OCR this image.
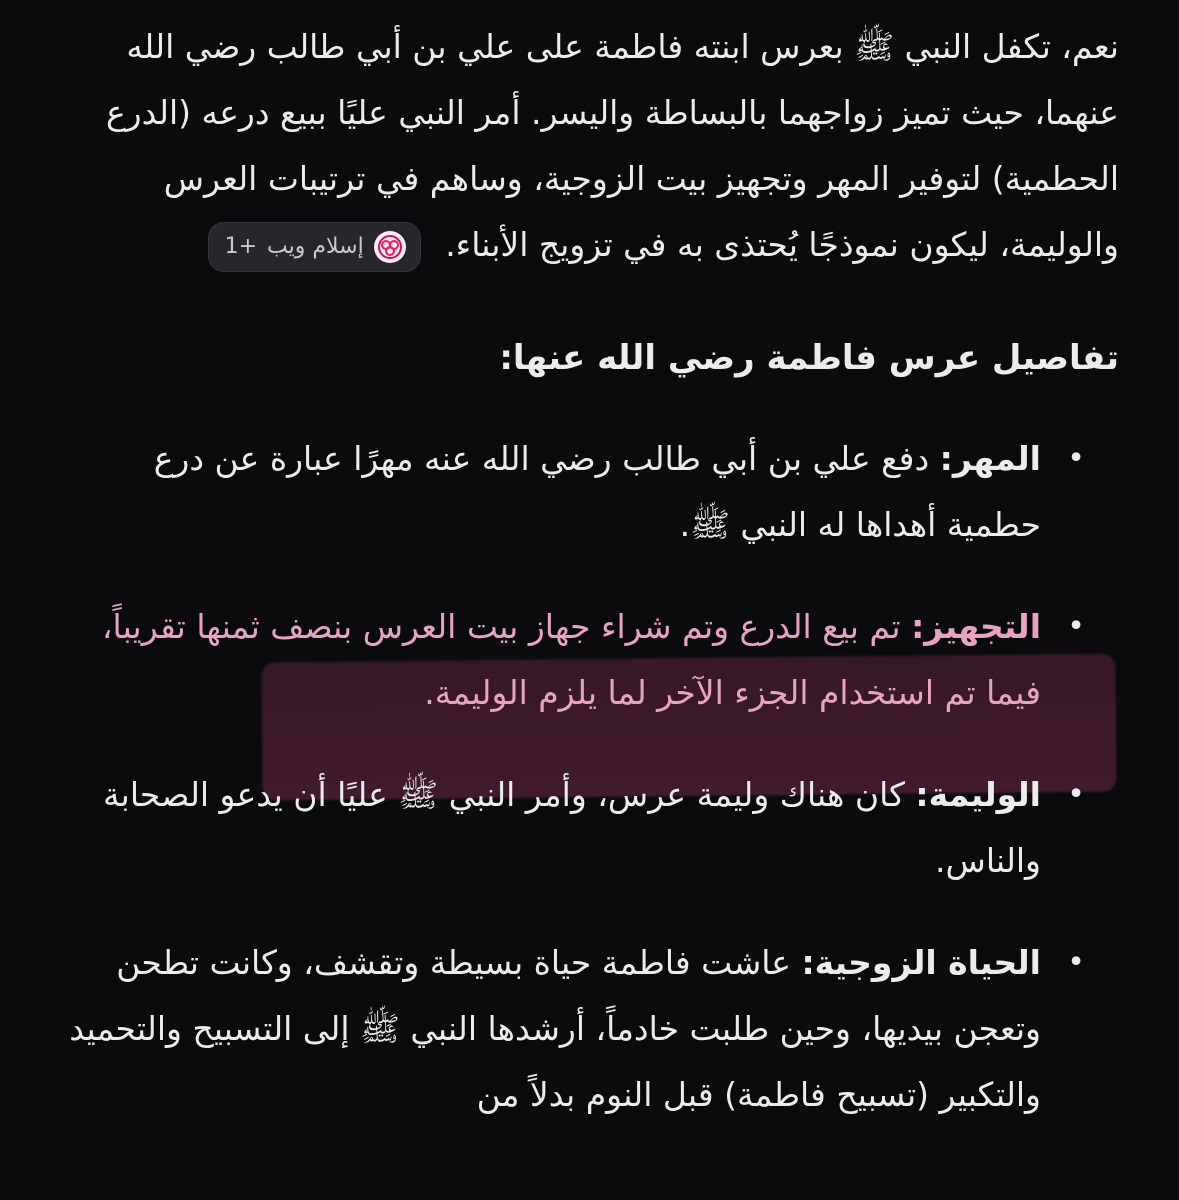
نعم، تكفل النبي ﷺ بعرس ابنته فاطمة على علي بن أبي طالب رضي الله عنهما، حيث تميز زواجهما بالبساطة واليسر. أمر النبي عليًا ببيع درعه (الدرع الحطمية) لتوفير المهر وتجهيز بيت الزوجية، وساهم في ترتيبات العرس والوليمة، ليكون نموذجًا يُحتذى به في تزويج الأبناء.
إسلام ويب
+1

تفاصيل عرس فاطمة رضي الله عنها:
•
المهر: دفع علي بن أبي طالب رضي الله عنه مهرًا عبارة عن درع حطمية أهداها له النبي ﷺ.
•
التجهيز: تم بيع الدرع وتم شراء جهاز بيت العرس بنصف ثمنها تقريباً، فيما تم استخدام الجزء الآخر لما يلزم الوليمة.
•
الوليمة: كان هناك وليمة عرس، وأمر النبي ﷺ عليًا أن يدعو الصحابة والناس.
•
الحياة الزوجية: عاشت فاطمة حياة بسيطة وتقشف، وكانت تطحن وتعجن بيديها، وحين طلبت خادماً، أرشدها النبي ﷺ إلى التسبيح والتحميد والتكبير (تسبيح فاطمة) قبل النوم بدلاً من
